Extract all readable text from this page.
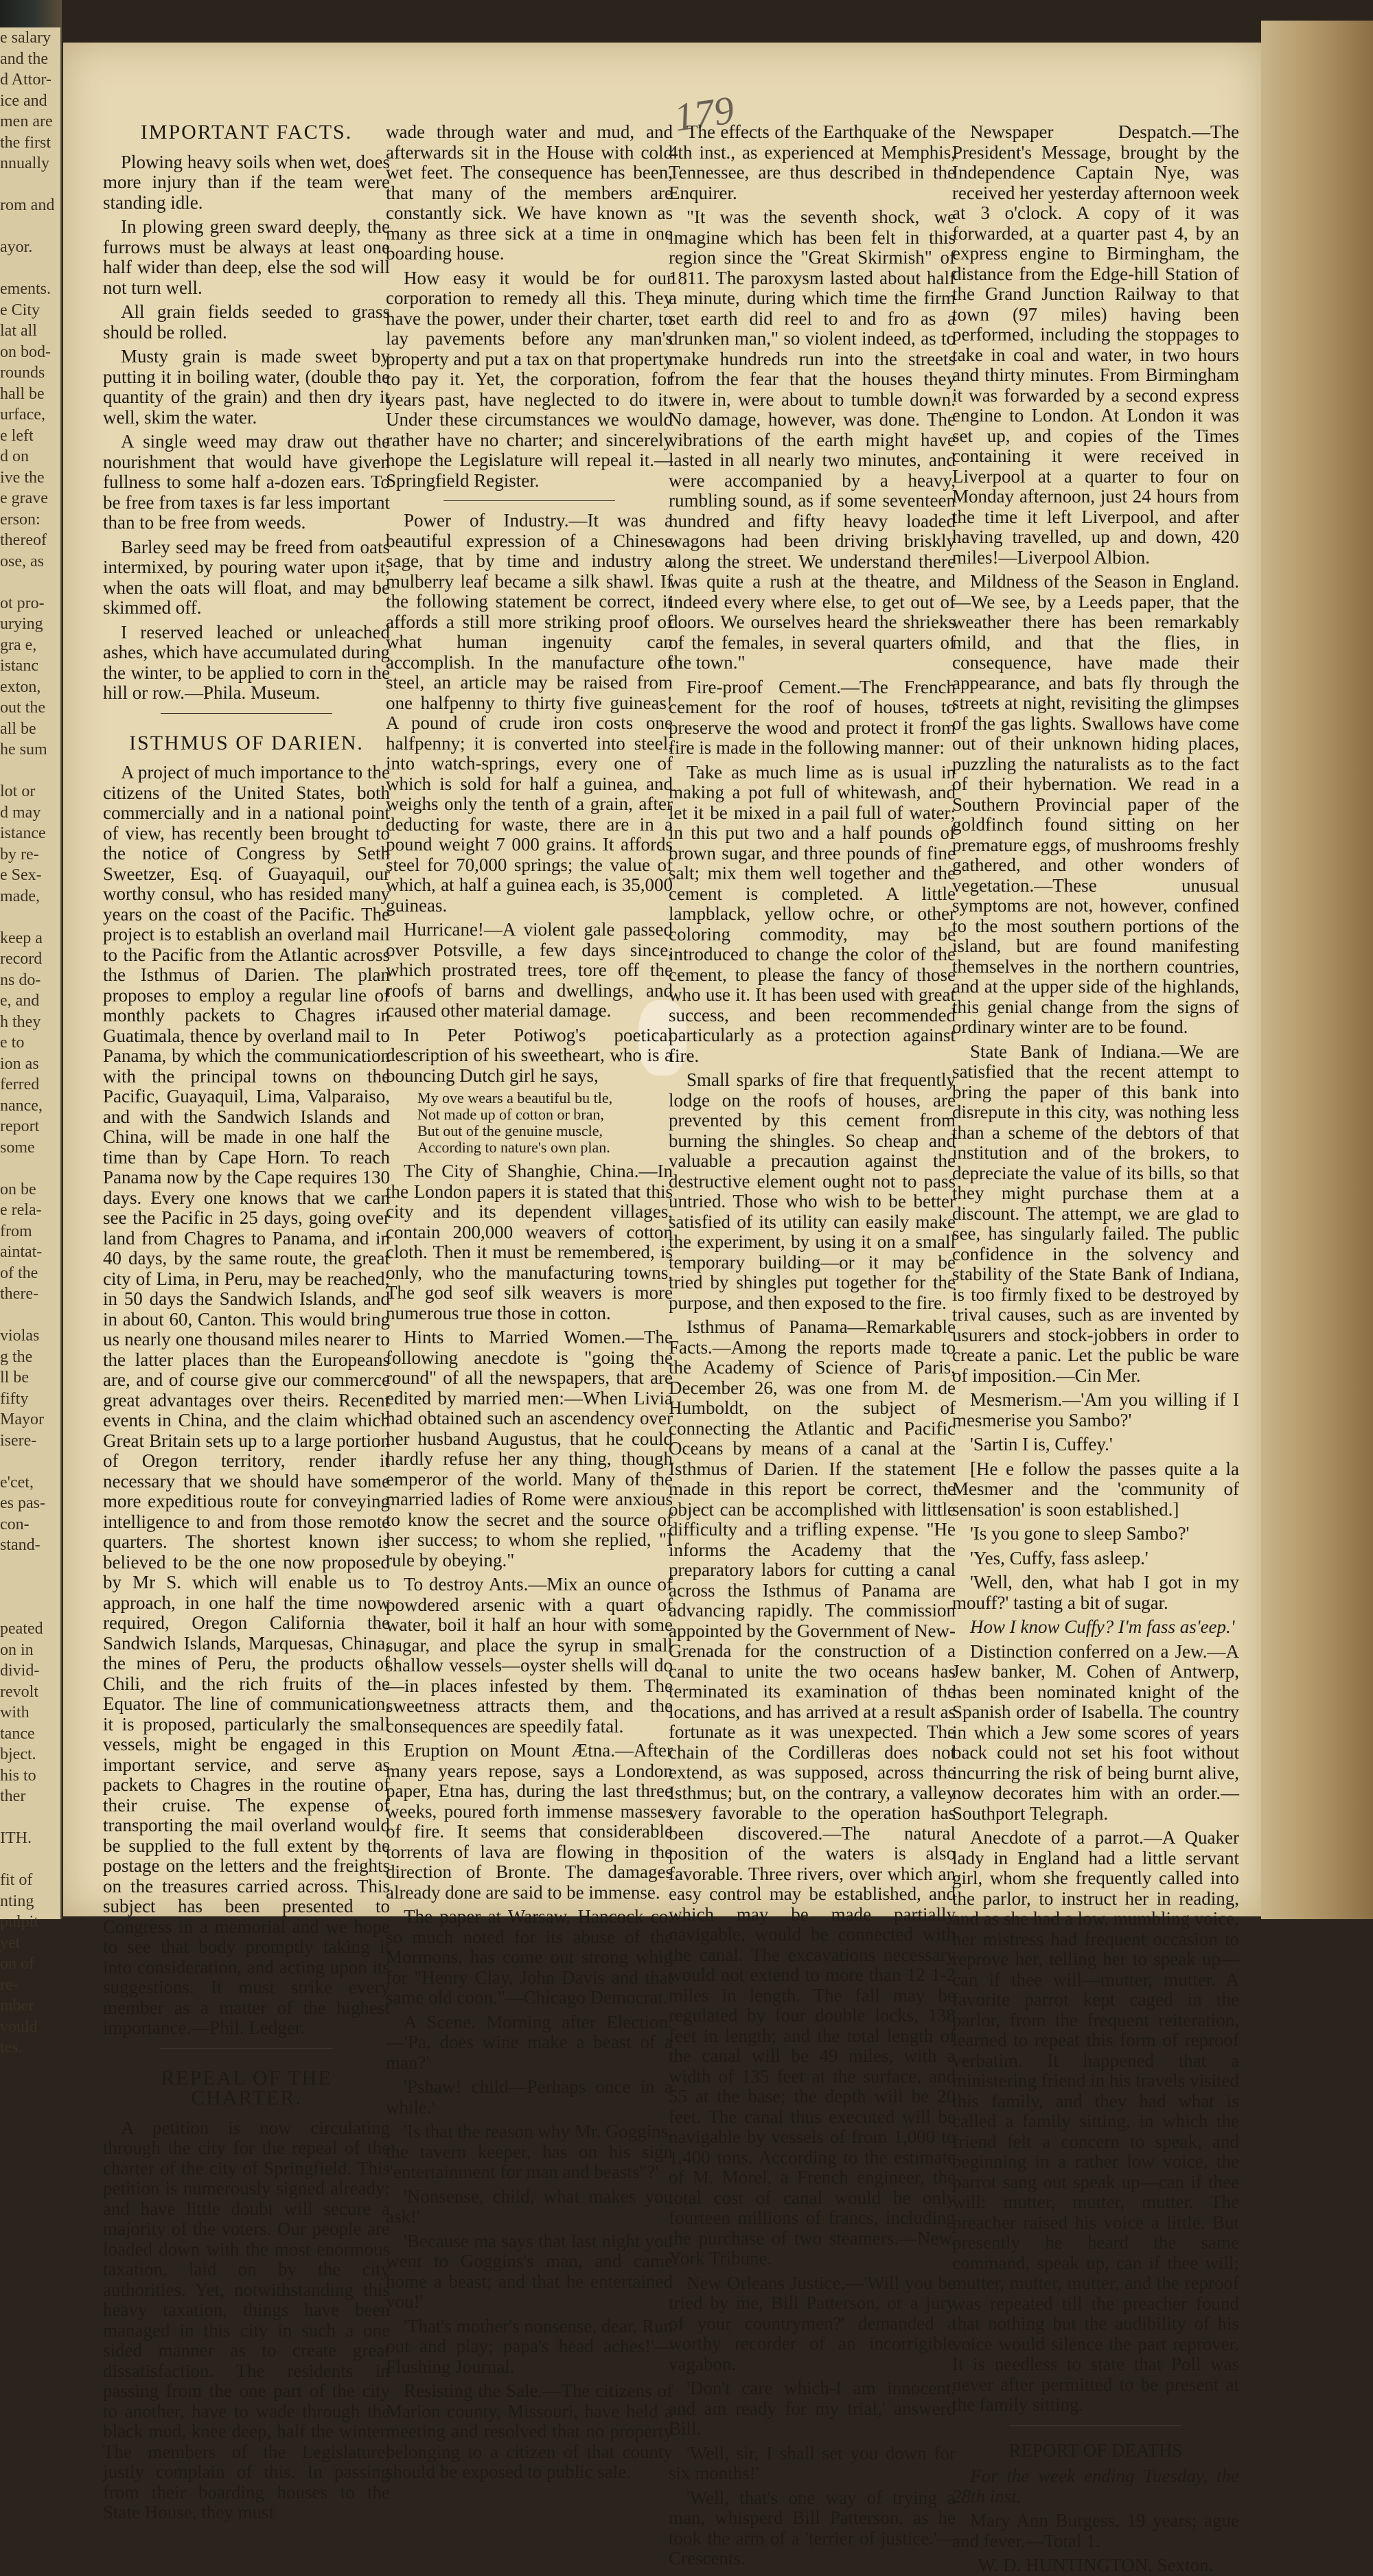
e salary

and the

d Attor-

ice and

men are

the first

nnually

rom and

ayor.

ements.

e City

lat all

on bod-

rounds

hall be

urface,

e left

d on

ive the

e grave

erson:

thereof

ose, as

ot pro-

urying

gra e,

istanc

exton,

out the

all be

he sum

lot or

d may

istance

by re-

e Sex-

made,

keep a

record

ns do-

e, and

h they

e to

ion as

ferred

nance,

report

some

on be

e rela-

from

aintat-

of the

there-

violas

g the

ll be

fifty

Mayor

isere-

e'cet,

es pas-

con-

stand-

peated

on in

divid-

revolt

with

tance

bject.

his to

ther

ITH.

fit of

nting

pulpit

yet

on of

re-

mber

vould

tes.

179
IMPORTANT FACTS.

Plowing heavy soils when wet, does more injury than if the team were standing idle.

In plowing green sward deeply, the furrows must be always at least one half wider than deep, else the sod will not turn well.

All grain fields seeded to grass should be rolled.

Musty grain is made sweet by putting it in boiling water, (double the quantity of the grain) and then dry it well, skim the water.

A single weed may draw out the nourishment that would have given fullness to some half a-dozen ears. To be free from taxes is far less important than to be free from weeds.

Barley seed may be freed from oats intermixed, by pouring water upon it, when the oats will float, and may be skimmed off.

I reserved leached or unleached ashes, which have accumulated during the winter, to be applied to corn in the hill or row.—Phila. Museum.

ISTHMUS OF DARIEN.

A project of much importance to the citizens of the United States, both commercially and in a national point of view, has recently been brought to the notice of Congress by Seth Sweetzer, Esq. of Guayaquil, our worthy consul, who has resided many years on the coast of the Pacific. The project is to establish an overland mail to the Pacific from the Atlantic across the Isthmus of Darien. The plan proposes to employ a regular line of monthly packets to Chagres in Guatimala, thence by overland mail to Panama, by which the communication with the principal towns on the Pacific, Guayaquil, Lima, Valparaiso, and with the Sandwich Islands and China, will be made in one half the time than by Cape Horn. To reach Panama now by the Cape requires 130 days. Every one knows that we can see the Pacific in 25 days, going over land from Chagres to Panama, and in 40 days, by the same route, the great city of Lima, in Peru, may be reached; in 50 days the Sandwich Islands, and in about 60, Canton. This would bring us nearly one thousand miles nearer to the latter places than the Europeans are, and of course give our commerce great advantages over theirs. Recent events in China, and the claim which Great Britain sets up to a large portion of Oregon territory, render it necessary that we should have some more expeditious route for conveying intelligence to and from those remote quarters. The shortest known is believed to be the one now proposed by Mr S. which will enable us to approach, in one half the time now required, Oregon California the Sandwich Islands, Marquesas, China, the mines of Peru, the products of Chili, and the rich fruits of the Equator. The line of communication, it is proposed, particularly the small vessels, might be engaged in this important service, and serve as packets to Chagres in the routine of their cruise. The expense of transporting the mail overland would be supplied to the full extent by the postage on the letters and the freights on the treasures carried across. This subject has been presented to Congress in a memorial and we hope to see that body promptly taking it into consideration, and acting upon its suggestions. It must strike every member as a matter of the highest importance.—Phil. Ledger.

REPEAL OF THE CHARTER.

A petition is now circulating through the city for the repeal of the charter of the city of Springfield. This petition is numerously signed already; and have little doubt will secure a majority of the voters. Our people are loaded down with the most enormous taxation, laid on by the city authorities. Yet, notwithstanding this heavy taxation, things have been managed in this city in such a one sided manner as to create great dissatisfaction. The residents in passing from the one part of the city to another, have to wade through the black mud, knee deep, half the winter. The members of the Legislature, justly complain of this. In passing from their boarding houses to the State House, they must

wade through water and mud, and afterwards sit in the House with cold wet feet. The consequence has been, that many of the members are constantly sick. We have known as many as three sick at a time in one boarding house.

How easy it would be for our corporation to remedy all this. They have the power, under their charter, to lay pavements before any man's property and put a tax on that property to pay it. Yet, the corporation, for years past, have neglected to do it. Under these circumstances we would rather have no charter; and sincerely hope the Legislature will repeal it.—Springfield Register.

Power of Industry.—It was a beautiful expression of a Chinese sage, that by time and industry a mulberry leaf became a silk shawl. If the following statement be correct, it affords a still more striking proof of what human ingenuity can accomplish. In the manufacture of steel, an article may be raised from one halfpenny to thirty five guineas! A pound of crude iron costs one halfpenny; it is converted into steel, into watch-springs, every one of which is sold for half a guinea, and weighs only the tenth of a grain, after deducting for waste, there are in a pound weight 7 000 grains. It affords steel for 70,000 springs; the value of which, at half a guinea each, is 35,000 guineas.

Hurricane!—A violent gale passed over Potsville, a few days since, which prostrated trees, tore off the roofs of barns and dwellings, and caused other material damage.

In Peter Potiwog's poetical description of his sweetheart, who is a bouncing Dutch girl he says,

My ove wears a beautiful bu tle,
Not made up of cotton or bran,
But out of the genuine muscle,
According to nature's own plan.

The City of Shanghie, China.—In the London papers it is stated that this city and its dependent villages, contain 200,000 weavers of cotton cloth. Then it must be remembered, is only, who the manufacturing towns. The god seof silk weavers is more numerous true those in cotton.

Hints to Married Women.—The following anecdote is "going the round" of all the newspapers, that are edited by married men:—When Livia had obtained such an ascendency over her husband Augustus, that he could hardly refuse her any thing, though emperor of the world. Many of the married ladies of Rome were anxious to know the secret and the source of her success; to whom she replied, "I rule by obeying."

To destroy Ants.—Mix an ounce of powdered arsenic with a quart of water, boil it half an hour with some sugar, and place the syrup in small shallow vessels—oyster shells will do—in places infested by them. The sweetness attracts them, and the consequences are speedily fatal.

Eruption on Mount Ætna.—After many years repose, says a London paper, Etna has, during the last three weeks, poured forth immense masses of fire. It seems that considerable torrents of lava are flowing in the direction of Bronte. The damages already done are said to be immense.

The paper at Warsaw, Hancock co. so much noted for its abuse of the Mormons, has come out strong whig for "Henry Clay, John Davis and that same old coon."—Chicago Democrat.

A Scene. Morning after Election.—'Pa, does wine make a beast of a man?'

'Pshaw! child—Perhaps once in a while.'

'Is that the reason why Mr. Goggins, the tavern keeper, has on his sign "entertainment for man and beasts"?'

'Nonsense, child, what makes you ask!'

'Because ma says that last night you went to Goggins's man, and came home a beast; and that he entertained you!'

'That's mother's nonsense, dear. Run out and play; papa's head aches!'—Flushing Journal.

Resisting the Sale.—The citizens of Marion county, Missouri, have held a meeting and resolved that no property belonging to a citizen of that county should be exposed to public sale.

The effects of the Earthquake of the 4th inst., as experienced at Memphis, Tennessee, are thus described in the Enquirer.

"It was the seventh shock, we imagine which has been felt in this region since the "Great Skirmish" of 1811. The paroxysm lasted about half a minute, during which time the firm set earth did reel to and fro as a drunken man," so violent indeed, as to make hundreds run into the streets from the fear that the houses they were in, were about to tumble down. No damage, however, was done. The vibrations of the earth might have lasted in all nearly two minutes, and were accompanied by a heavy, rumbling sound, as if some seventeen hundred and fifty heavy loaded wagons had been driving briskly along the street. We understand there was quite a rush at the theatre, and indeed every where else, to get out of doors. We ourselves heard the shrieks of the females, in several quarters of the town."

Fire-proof Cement.—The French cement for the roof of houses, to preserve the wood and protect it from fire is made in the following manner:

Take as much lime as is usual in making a pot full of whitewash, and let it be mixed in a pail full of water; in this put two and a half pounds of brown sugar, and three pounds of fine salt; mix them well together and the cement is completed. A little lampblack, yellow ochre, or other coloring commodity, may be introduced to change the color of the cement, to please the fancy of those who use it. It has been used with great success, and been recommended particularly as a protection against fire.

Small sparks of fire that frequently lodge on the roofs of houses, are prevented by this cement from burning the shingles. So cheap and valuable a precaution against the destructive element ought not to pass untried. Those who wish to be better satisfied of its utility can easily make the experiment, by using it on a small temporary building—or it may be tried by shingles put together for the purpose, and then exposed to the fire.

Isthmus of Panama—Remarkable Facts.—Among the reports made to the Academy of Science of Paris, December 26, was one from M. de Humboldt, on the subject of connecting the Atlantic and Pacific Oceans by means of a canal at the Isthmus of Darien. If the statement made in this report be correct, the object can be accomplished with little difficulty and a trifling expense. "He informs the Academy that the preparatory labors for cutting a canal across the Isthmus of Panama are advancing rapidly. The commission appointed by the Government of New-Grenada for the construction of a canal to unite the two oceans has terminated its examination of the locations, and has arrived at a result as fortunate as it was unexpected. The chain of the Cordilleras does not extend, as was supposed, across the Isthmus; but, on the contrary, a valley very favorable to the operation has been discovered.—The natural position of the waters is also favorable. Three rivers, over which an easy control may be established, and which may be made partially navigable, would be connected with the canal. The excavations necessary would not extend to more than 12 1-2 miles in length. The fall may be regulated by four double locks, 138 feet in length; and the total length of the canal will be 49 miles, with a width of 135 feet at the surface, and 55 at the base; the depth will be 20 feet. The canal thus executed will be navigable by vessels of from 1,000 to 1,400 tons. According to the estimate of M. Morel, a French engineer, the total cost of canal would be only fourteen millions of francs, including the purchase of two steamers.—New. York Tribune.

New Orleans Justice.—'Will you be tried by me, Bill Patterson, or a jury of your countrymen?' demanded a worthy recorder of an incorrigible vagabon.

'Don't care which-I am innocent, and am ready for my trial,' answerd Bill.

'Well, sir, I shall set you down for six months!'

'Well, that's one way of trying a man, whisperd Bill Patterson, as he took the arm of a 'terrier of justice.'—Crescents.

Newspaper Despatch.—The President's Message, brought by the Independence Captain Nye, was received her yesterday afternoon week at 3 o'clock. A copy of it was forwarded, at a quarter past 4, by an express engine to Birmingham, the distance from the Edge-hill Station of the Grand Junction Railway to that town (97 miles) having been performed, including the stoppages to take in coal and water, in two hours and thirty minutes. From Birmingham it was forwarded by a second express engine to London. At London it was set up, and copies of the Times containing it were received in Liverpool at a quarter to four on Monday afternoon, just 24 hours from the time it left Liverpool, and after having travelled, up and down, 420 miles!—Liverpool Albion.

Mildness of the Season in England.—We see, by a Leeds paper, that the weather there has been remarkably mild, and that the flies, in consequence, have made their appearance, and bats fly through the streets at night, revisiting the glimpses of the gas lights. Swallows have come out of their unknown hiding places, puzzling the naturalists as to the fact of their hybernation. We read in a Southern Provincial paper of the goldfinch found sitting on her premature eggs, of mushrooms freshly gathered, and other wonders of vegetation.—These unusual symptoms are not, however, confined to the most southern portions of the island, but are found manifesting themselves in the northern countries, and at the upper side of the highlands, this genial change from the signs of ordinary winter are to be found.

State Bank of Indiana.—We are satisfied that the recent attempt to bring the paper of this bank into disrepute in this city, was nothing less than a scheme of the debtors of that institution and of the brokers, to depreciate the value of its bills, so that they might purchase them at a discount. The attempt, we are glad to see, has singularly failed. The public confidence in the solvency and stability of the State Bank of Indiana, is too firmly fixed to be destroyed by trival causes, such as are invented by usurers and stock-jobbers in order to create a panic. Let the public be ware of imposition.—Cin Mer.

Mesmerism.—'Am you willing if I mesmerise you Sambo?'

'Sartin I is, Cuffey.'

[He e follow the passes quite a la Mesmer and the 'community of sensation' is soon established.]

'Is you gone to sleep Sambo?'

'Yes, Cuffy, fass asleep.'

'Well, den, what hab I got in my mouff?' tasting a bit of sugar.

How I know Cuffy? I'm fass as'eep.'

Distinction conferred on a Jew.—A Jew banker, M. Cohen of Antwerp, has been nominated knight of the Spanish order of Isabella. The country in which a Jew some scores of years back could not set his foot without incurring the risk of being burnt alive, now decorates him with an order.—Southport Telegraph.

Anecdote of a parrot.—A Quaker lady in England had a little servant girl, whom she frequently called into the parlor, to instruct her in reading, and as she had a low, mumbling voice, her mistress had frequent occasion to reprove her, telling her to speak up—can if thee will—mutter, mutter. A favorite parrot kept caged in the parlor, from the frequent reiteration, learned to repeat this form of reproof verbatim. It happened that a ministering friend in his travels visited this family, and they had what is called a family sitting, in which the friend felt a concern to speak, and beginning in a rather low voice, the parrot sang out speak up—can if thee will: mutter, mutter, mutter. The preacher raised his voice a little. But presently he heard the same command, speak up, can if thee will; mutter, mutter, mutter, and the reproof was repeated till the preacher found that nothing but the audibility of his voice would silence the part reprover. It is needless to state that Poll was never after permitted to be present at the family sitting.

REPORT OF DEATHS

For the week ending Tuesday, the 28th inst.

Mary Ann Burgess, 19 years; ague and fever.—Total 1.

W. D. HUNTINGTON, Sexton.
